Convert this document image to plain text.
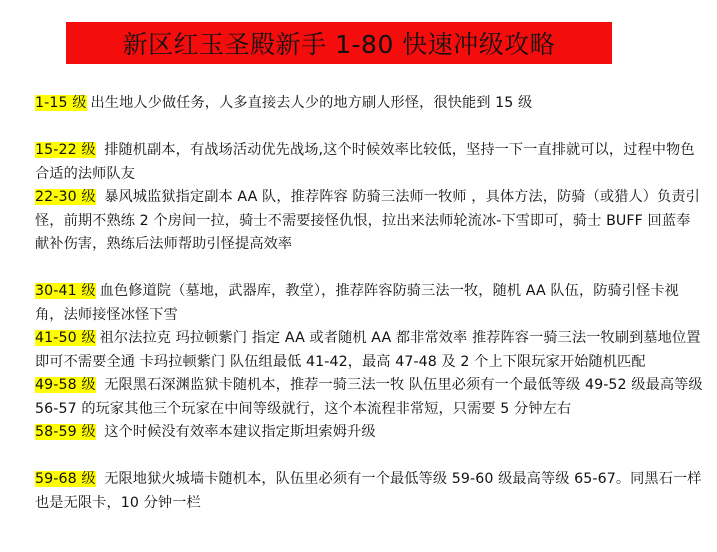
新区红玉圣殿新手 1-80 快速冲级攻略
1-15 级 出生地人少做任务，人多直接去人少的地方刷人形怪，很快能到 15 级
15-22 级 排随机副本，有战场活动优先战场,这个时候效率比较低，坚持一下一直排就可以，过程中物色合适的法师队友
22-30 级 暴风城监狱指定副本 AA 队，推荐阵容 防骑三法师一牧师 ，具体方法，防骑（或猎人）负责引怪，前期不熟练 2 个房间一拉，骑士不需要接怪仇恨，拉出来法师轮流冰-下雪即可，骑士 BUFF 回蓝奉献补伤害，熟练后法师帮助引怪提高效率
30-41 级 血色修道院（墓地，武器库，教堂），推荐阵容防骑三法一牧，随机 AA 队伍，防骑引怪卡视角，法师接怪冰怪下雪
41-50 级 祖尔法拉克 玛拉顿紫门 指定 AA 或者随机 AA 都非常效率 推荐阵容一骑三法一牧刷到墓地位置即可不需要全通 卡玛拉顿紫门 队伍组最低 41-42，最高 47-48 及 2 个上下限玩家开始随机匹配
49-58 级 无限黑石深渊监狱卡随机本，推荐一骑三法一牧 队伍里必须有一个最低等级 49-52 级最高等级 56-57 的玩家其他三个玩家在中间等级就行，这个本流程非常短，只需要 5 分钟左右
58-59 级 这个时候没有效率本建议指定斯坦索姆升级
59-68 级 无限地狱火城墙卡随机本，队伍里必须有一个最低等级 59-60 级最高等级 65-67。同黑石一样也是无限卡，10 分钟一栏
